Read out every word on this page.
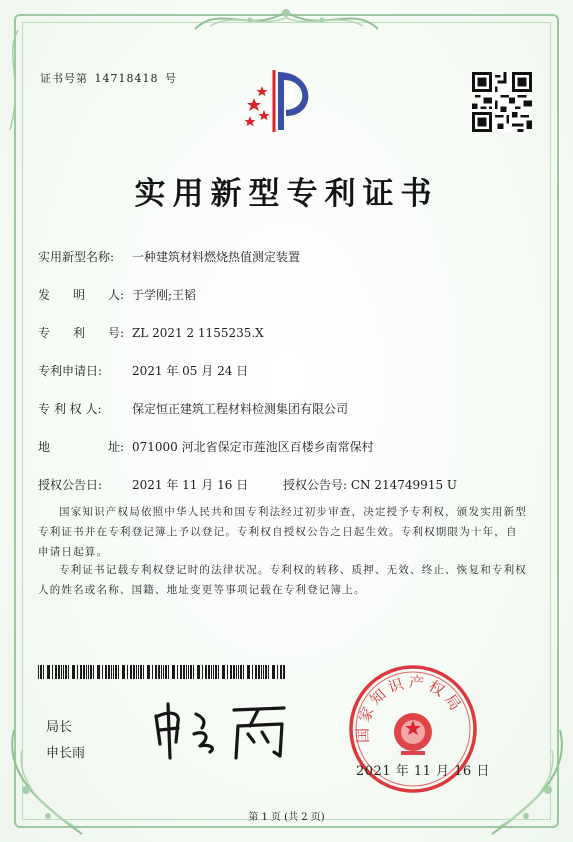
证书号第 14718418 号
实用新型专利证书
实用新型名称: 一种建筑材料燃烧热值测定装置
发 明 人: 于学刚;王韬
专 利 号: ZL 2021 2 1155235.X
专利申请日: 2021 年 05 月 24 日
专 利 权 人:	保定恒正建筑工程材料检测集团有限公司
地	址: 071000 河北省保定市莲池区百楼乡南常保村
授权公告日: 2021 年 11 月 16 日	授权公告号: CN 214749915 U
国家知识产权局依照中华人民共和国专利法经过初步审查，决定授予专利权，颁发实用新型专利证书并在专利登记簿上予以登记。专利权自授权公告之日起生效。专利权期限为十年，自申请日起算。
专利证书记载专利权登记时的法律状况。专利权的转移、质押、无效、终止、恢复和专利权人的姓名或名称、国籍、地址变更等事项记载在专利登记簿上。
局长
申长雨
国家知识产权局
2021 年 11 月 16 日
第 1 页 (共 2 页)
